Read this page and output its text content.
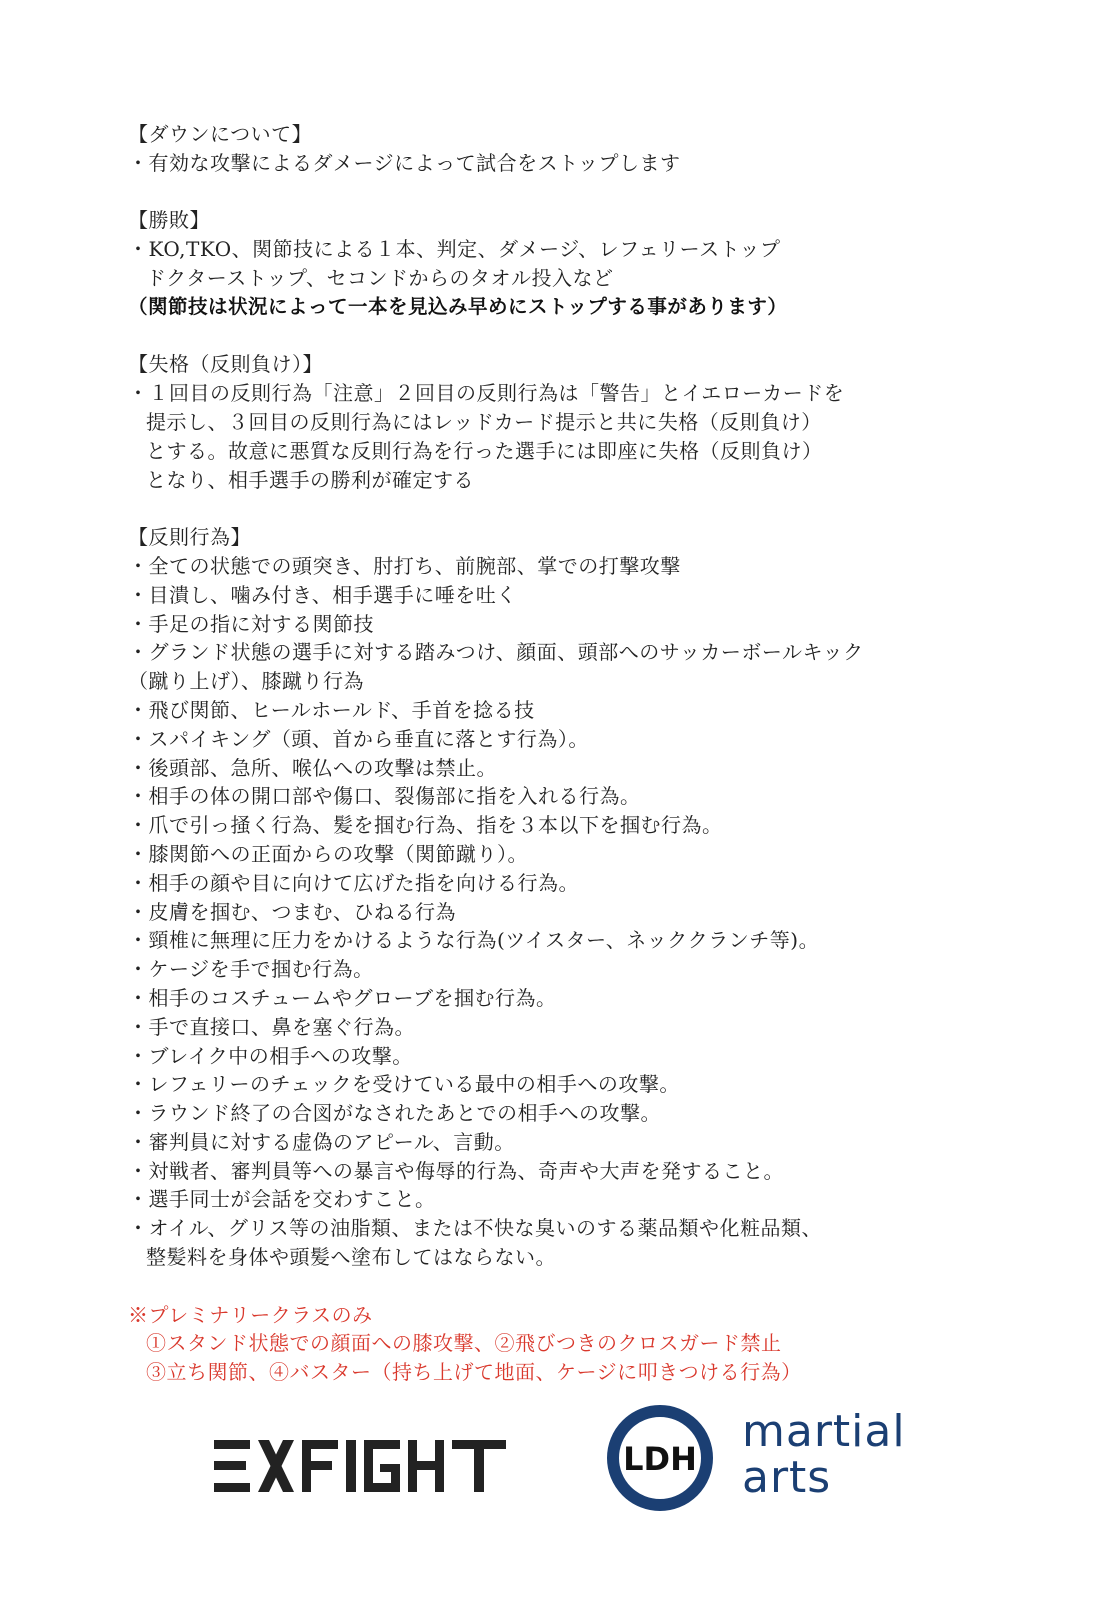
【ダウンについて】
・有効な攻撃によるダメージによって試合をストップします
【勝敗】
・KO,TKO、関節技による１本、判定、ダメージ、レフェリーストップ
ドクターストップ、セコンドからのタオル投入など
（関節技は状況によって一本を見込み早めにストップする事があります）
【失格（反則負け）】
・１回目の反則行為「注意」２回目の反則行為は「警告」とイエローカードを
提示し、３回目の反則行為にはレッドカード提示と共に失格（反則負け）
とする。故意に悪質な反則行為を行った選手には即座に失格（反則負け）
となり、相手選手の勝利が確定する
【反則行為】
・全ての状態での頭突き、肘打ち、前腕部、掌での打撃攻撃
・目潰し、噛み付き、相手選手に唾を吐く
・手足の指に対する関節技
・グランド状態の選手に対する踏みつけ、顔面、頭部へのサッカーボールキック
（蹴り上げ）、膝蹴り行為
・飛び関節、ヒールホールド、手首を捻る技
・スパイキング（頭、首から垂直に落とす行為）。
・後頭部、急所、喉仏への攻撃は禁止。
・相手の体の開口部や傷口、裂傷部に指を入れる行為。
・爪で引っ掻く行為、髪を掴む行為、指を３本以下を掴む行為。
・膝関節への正面からの攻撃（関節蹴り）。
・相手の顔や目に向けて広げた指を向ける行為。
・皮膚を掴む、つまむ、ひねる行為
・頸椎に無理に圧力をかけるような行為(ツイスター、ネッククランチ等)。
・ケージを手で掴む行為。
・相手のコスチュームやグローブを掴む行為。
・手で直接口、鼻を塞ぐ行為。
・ブレイク中の相手への攻撃。
・レフェリーのチェックを受けている最中の相手への攻撃。
・ラウンド終了の合図がなされたあとでの相手への攻撃。
・審判員に対する虚偽のアピール、言動。
・対戦者、審判員等への暴言や侮辱的行為、奇声や大声を発すること。
・選手同士が会話を交わすこと。
・オイル、グリス等の油脂類、または不快な臭いのする薬品類や化粧品類、
整髪料を身体や頭髪へ塗布してはならない。
※プレミナリークラスのみ
①スタンド状態での顔面への膝攻撃、②飛びつきのクロスガード禁止
③立ち関節、④バスター（持ち上げて地面、ケージに叩きつける行為）
LDH
martial
arts
